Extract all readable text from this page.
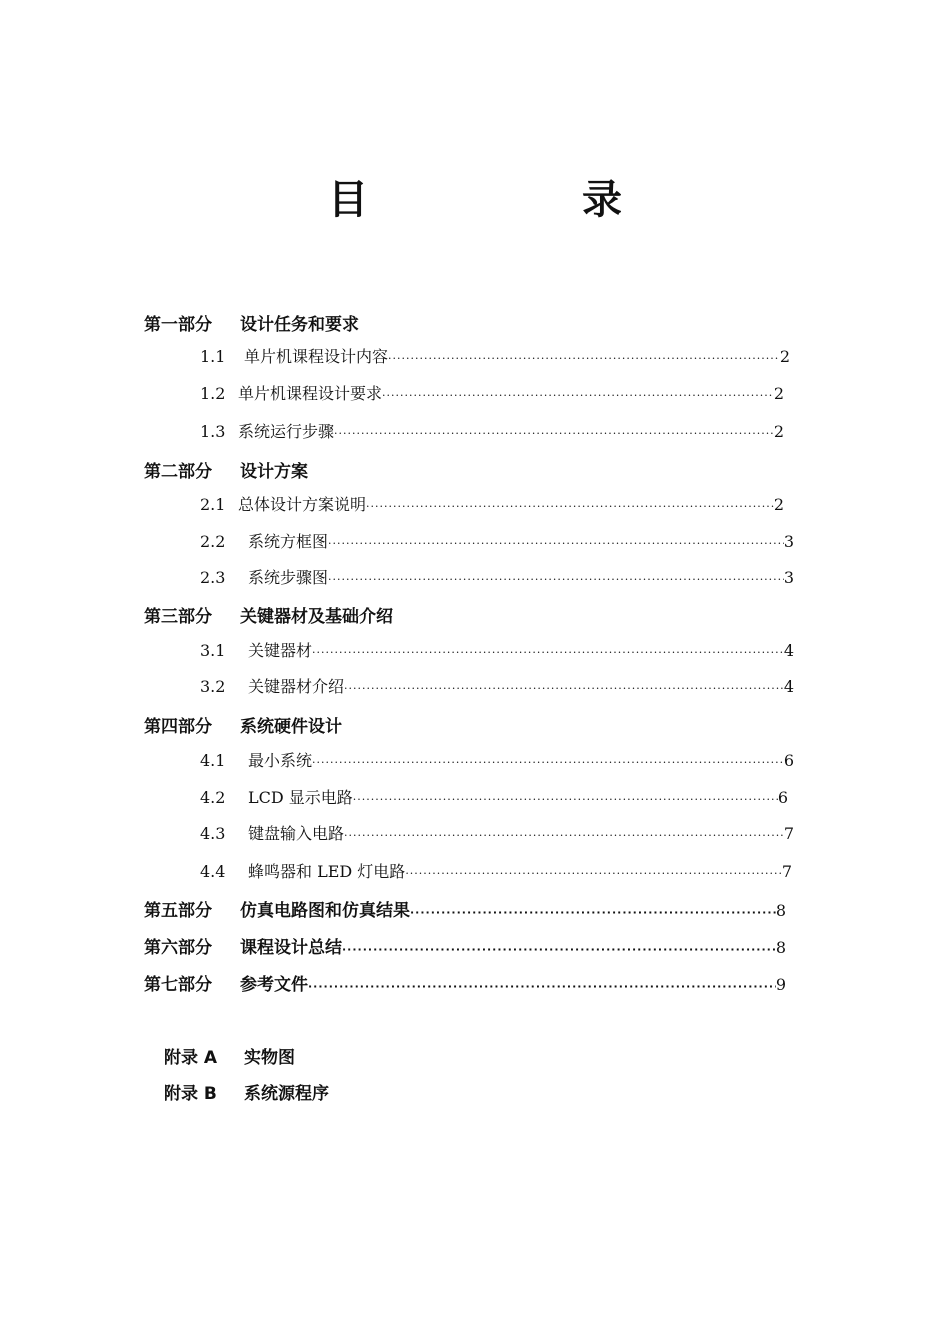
目 录
第一部分 设计任务和要求
1.1 单片机课程设计内容 ·····	2
1.2 单片机课程设计要求 ·····	2
1.3 系统运行步骤 ·····	2
第二部分 设计方案
2.1 总体设计方案说明 ·····	2
2.2 系统方框图 ·····	3
2.3 系统步骤图 ·····	3
第三部分 关键器材及基础介绍
3.1 关键器材 ·····	4
3.2 关键器材介绍 ·····	4
第四部分 系统硬件设计
4.1 最小系统 ·····	6
4.2 LCD 显示电路 ·····	6
4.3 键盘输入电路 ·····	7
4.4 蜂鸣器和 LED 灯电路 ·····	7
第五部分 仿真电路图和仿真结果 ·····	8
第六部分 课程设计总结 ·····	8
第七部分 参考文件 ·····	9
附录 A	实物图
附录 B	系统源程序
